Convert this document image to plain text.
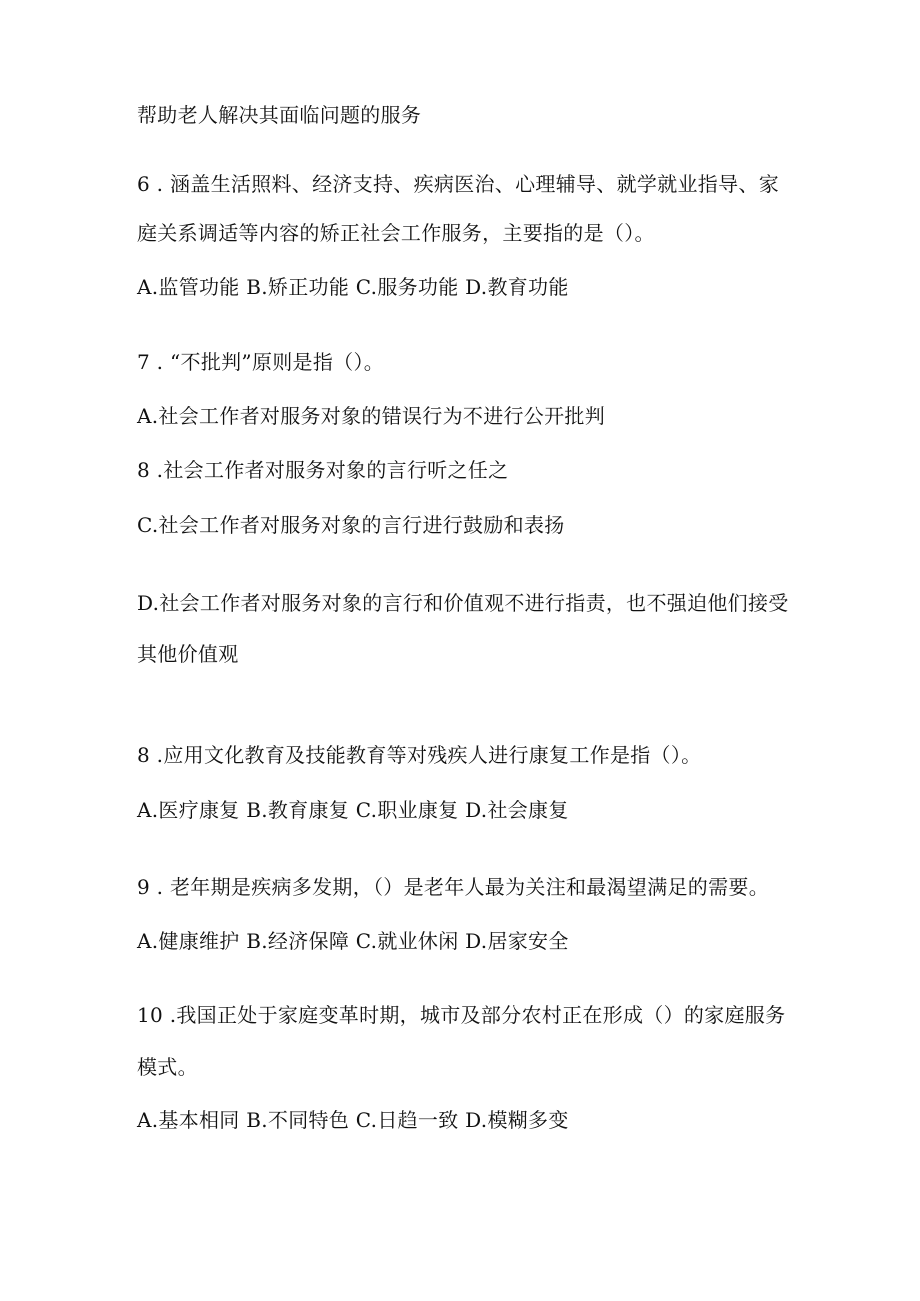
帮助老人解决其面临问题的服务
6 . 涵盖生活照料、经济支持、疾病医治、心理辅导、就学就业指导、家
庭关系调适等内容的矫正社会工作服务，主要指的是（）。
A.监管功能 B.矫正功能 C.服务功能 D.教育功能
7 . “不批判”原则是指（）。
A.社会工作者对服务对象的错误行为不进行公开批判
8 .社会工作者对服务对象的言行听之任之
C.社会工作者对服务对象的言行进行鼓励和表扬
D.社会工作者对服务对象的言行和价值观不进行指责，也不强迫他们接受
其他价值观
8 .应用文化教育及技能教育等对残疾人进行康复工作是指（）。
A.医疗康复 B.教育康复 C.职业康复 D.社会康复
9 . 老年期是疾病多发期，（）是老年人最为关注和最渴望满足的需要。
A.健康维护 B.经济保障 C.就业休闲 D.居家安全
10 .我国正处于家庭变革时期，城市及部分农村正在形成（）的家庭服务
模式。
A.基本相同 B.不同特色 C.日趋一致 D.模糊多变
